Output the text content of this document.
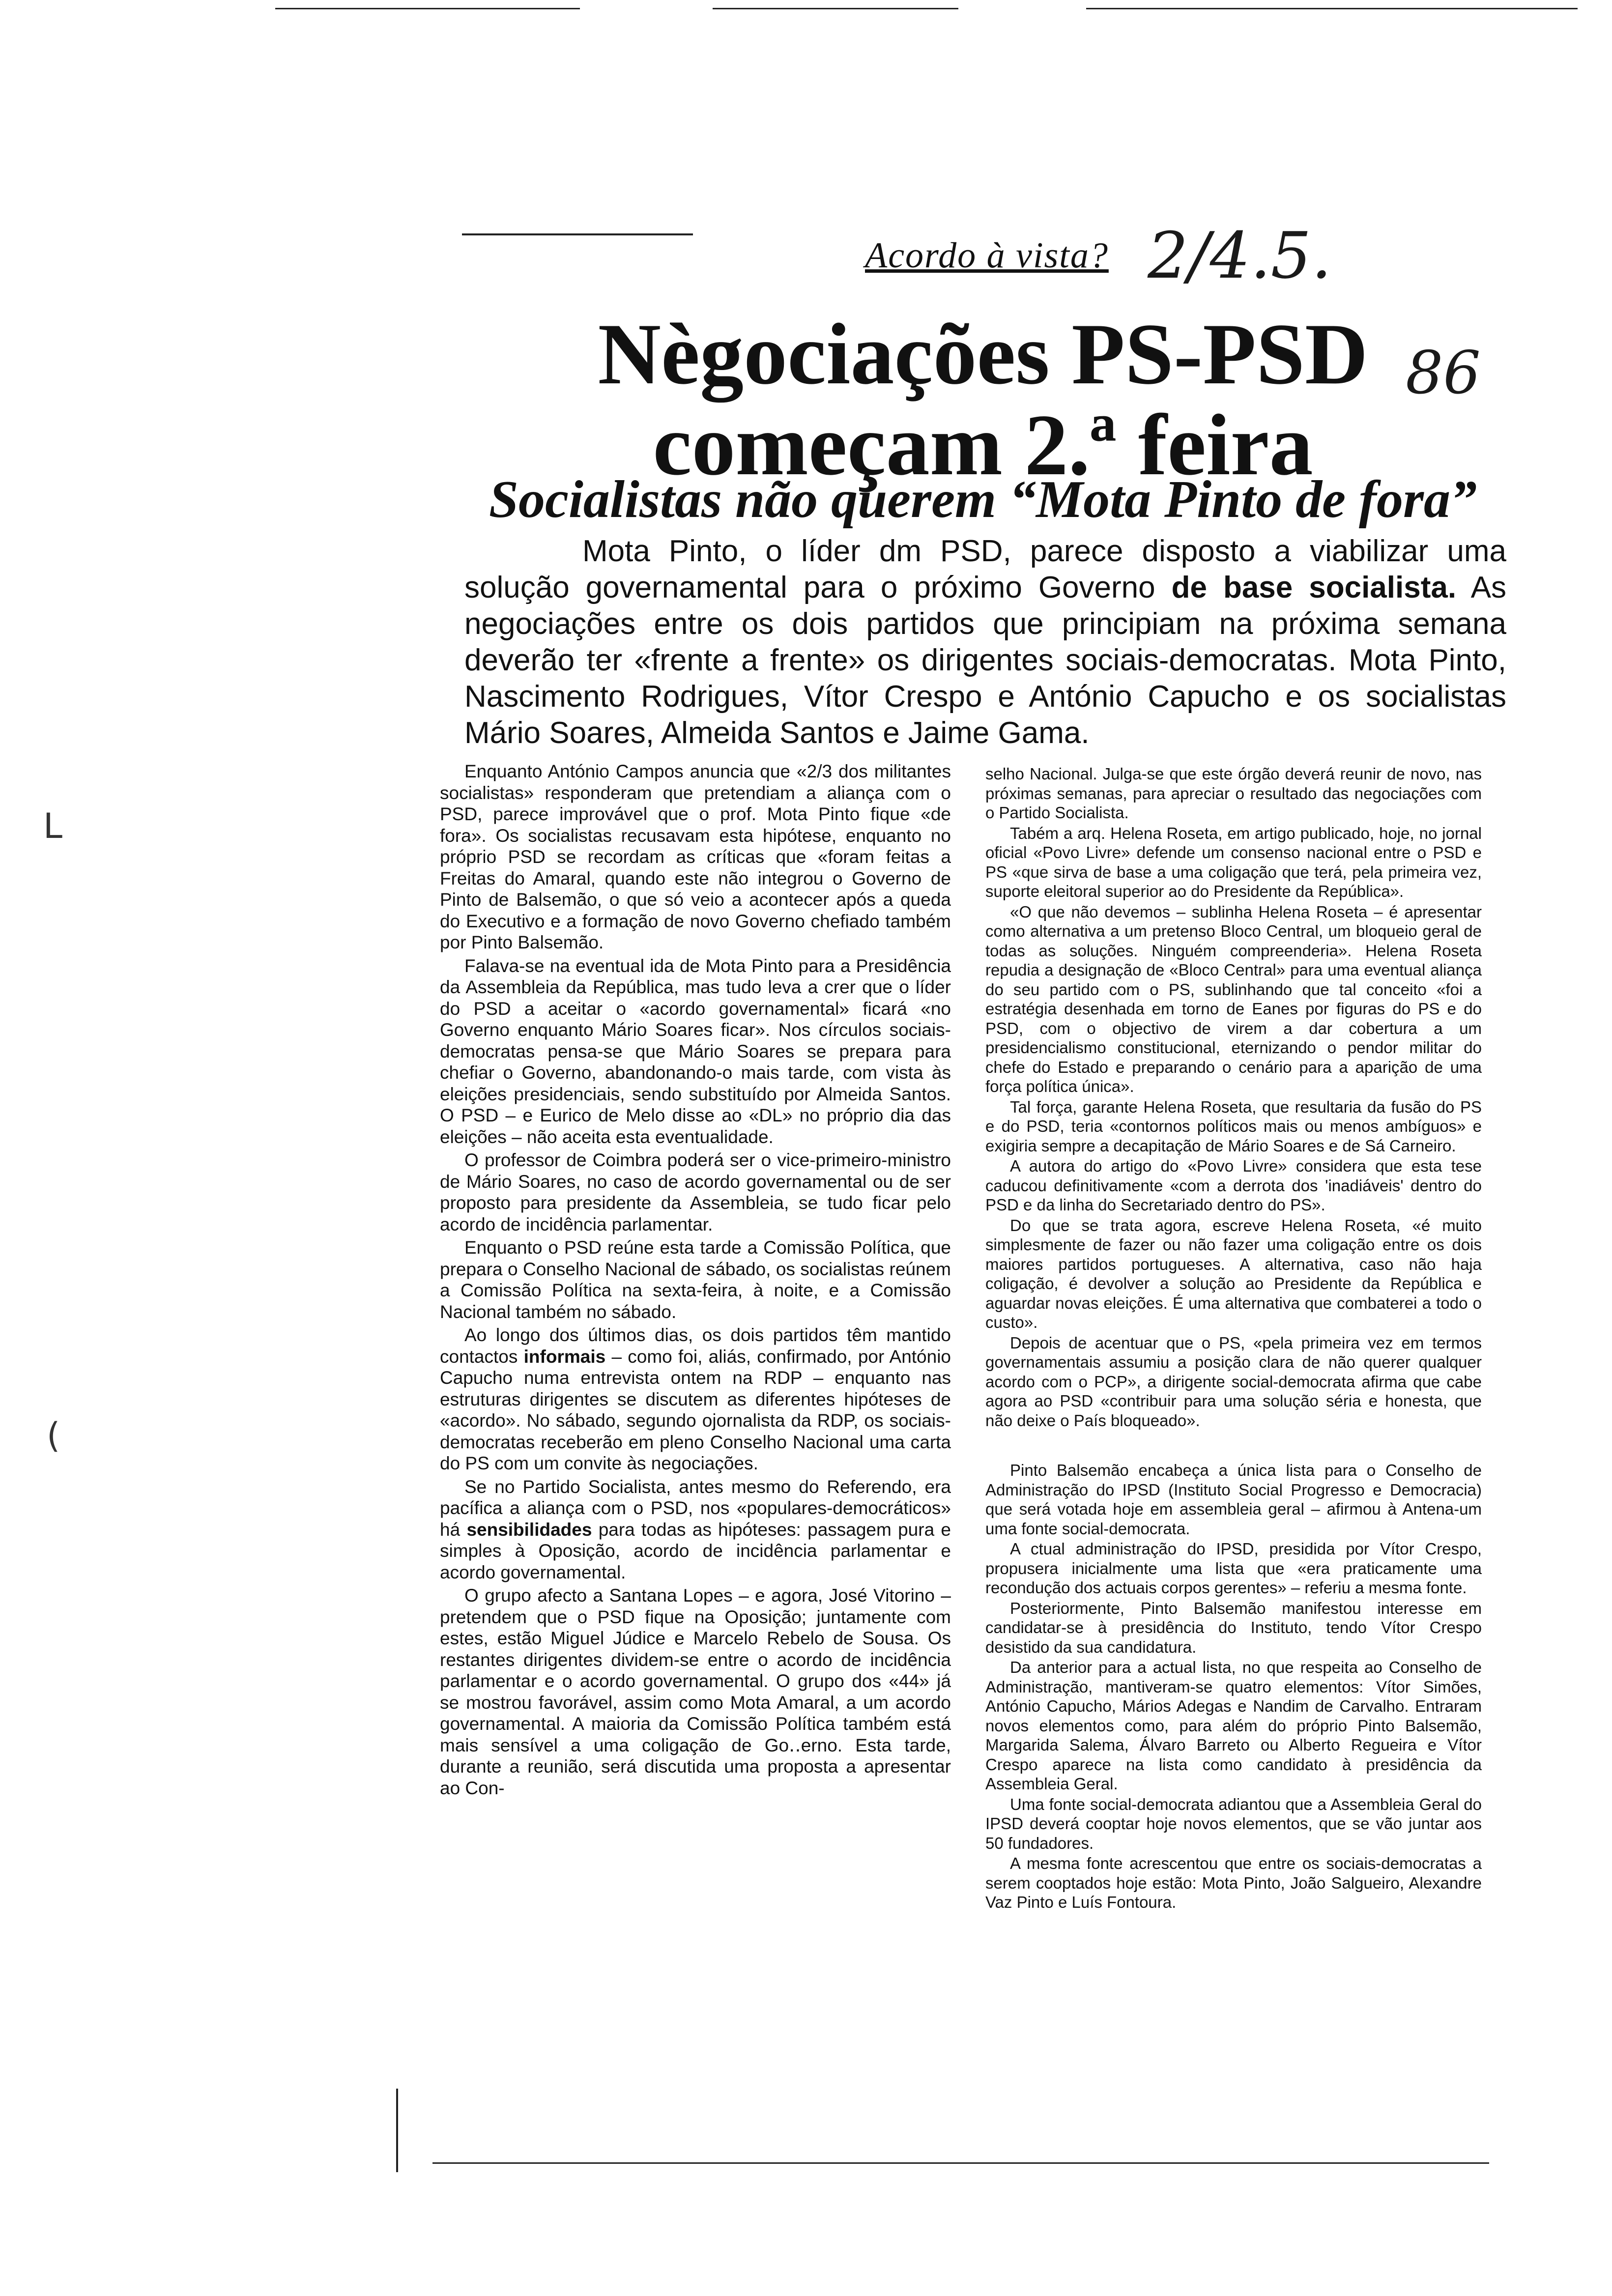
Acordo à vista? 2/4.5.
86
Nègociações PS-PSD
começam 2.ª feira
Socialistas não querem “Mota Pinto de fora”

Mota Pinto, o líder dm PSD, parece disposto a viabilizar uma solução governamental para o próximo Governo de base socialista. As negociações entre os dois partidos que principiam na próxima semana deverão ter «frente a frente» os dirigentes sociais-democratas. Mota Pinto, Nascimento Rodrigues, Vítor Crespo e António Capucho e os socialistas Mário Soares, Almeida Santos e Jaime Gama.

Enquanto António Campos anuncia que «2/3 dos militantes socialistas» responderam que pretendiam a aliança com o PSD, parece improvável que o prof. Mota Pinto fique «de fora». Os socialistas recusavam esta hipótese, enquanto no próprio PSD se recordam as críticas que «foram feitas a Freitas do Amaral, quando este não integrou o Governo de Pinto de Balsemão, o que só veio a acontecer após a queda do Executivo e a formação de novo Governo chefiado também por Pinto Balsemão.

Falava-se na eventual ida de Mota Pinto para a Presidência da Assembleia da República, mas tudo leva a crer que o líder do PSD a aceitar o «acordo governamental» ficará «no Governo enquanto Mário Soares ficar». Nos círculos sociais-democratas pensa-se que Mário Soares se prepara para chefiar o Governo, abandonando-o mais tarde, com vista às eleições presidenciais, sendo substituído por Almeida Santos. O PSD – e Eurico de Melo disse ao «DL» no próprio dia das eleições – não aceita esta eventualidade.

O professor de Coimbra poderá ser o vice-primeiro-ministro de Mário Soares, no caso de acordo governamental ou de ser proposto para presidente da Assembleia, se tudo ficar pelo acordo de incidência parlamentar.

Enquanto o PSD reúne esta tarde a Comissão Política, que prepara o Conselho Nacional de sábado, os socialistas reúnem a Comissão Política na sexta-feira, à noite, e a Comissão Nacional também no sábado.

Ao longo dos últimos dias, os dois partidos têm mantido contactos informais – como foi, aliás, confirmado, por António Capucho numa entrevista ontem na RDP – enquanto nas estruturas dirigentes se discutem as diferentes hipóteses de «acordo». No sábado, segundo ojornalista da RDP, os sociais-democratas receberão em pleno Conselho Nacional uma carta do PS com um convite às negociações.

Se no Partido Socialista, antes mesmo do Referendo, era pacífica a aliança com o PSD, nos «populares-democráticos» há sensibilidades para todas as hipóteses: passagem pura e simples à Oposição, acordo de incidência parlamentar e acordo governamental.

O grupo afecto a Santana Lopes – e agora, José Vitorino – pretendem que o PSD fique na Oposição; juntamente com estes, estão Miguel Júdice e Marcelo Rebelo de Sousa. Os restantes dirigentes dividem-se entre o acordo de incidência parlamentar e o acordo governamental. O grupo dos «44» já se mostrou favorável, assim como Mota Amaral, a um acordo governamental. A maioria da Comissão Política também está mais sensível a uma coligação de Go‥erno. Esta tarde, durante a reunião, será discutida uma proposta a apresentar ao Con-

selho Nacional. Julga-se que este órgão deverá reunir de novo, nas próximas semanas, para apreciar o resultado das negociações com o Partido Socialista.

Tabém a arq. Helena Roseta, em artigo publicado, hoje, no jornal oficial «Povo Livre» defende um consenso nacional entre o PSD e PS «que sirva de base a uma coligação que terá, pela primeira vez, suporte eleitoral superior ao do Presidente da República».

«O que não devemos – sublinha Helena Roseta – é apresentar como alternativa a um pretenso Bloco Central, um bloqueio geral de todas as soluções. Ninguém compreenderia». Helena Roseta repudia a designação de «Bloco Central» para uma eventual aliança do seu partido com o PS, sublinhando que tal conceito «foi a estratégia desenhada em torno de Eanes por figuras do PS e do PSD, com o objectivo de virem a dar cobertura a um presidencialismo constitucional, eternizando o pendor militar do chefe do Estado e preparando o cenário para a aparição de uma força política única».

Tal força, garante Helena Roseta, que resultaria da fusão do PS e do PSD, teria «contornos políticos mais ou menos ambíguos» e exigiria sempre a decapitação de Mário Soares e de Sá Carneiro.

A autora do artigo do «Povo Livre» considera que esta tese caducou definitivamente «com a derrota dos 'inadiáveis' dentro do PSD e da linha do Secretariado dentro do PS».

Do que se trata agora, escreve Helena Roseta, «é muito simplesmente de fazer ou não fazer uma coligação entre os dois maiores partidos portugueses. A alternativa, caso não haja coligação, é devolver a solução ao Presidente da República e aguardar novas eleições. É uma alternativa que combaterei a todo o custo».

Depois de acentuar que o PS, «pela primeira vez em termos governamentais assumiu a posição clara de não querer qualquer acordo com o PCP», a dirigente social-democrata afirma que cabe agora ao PSD «contribuir para uma solução séria e honesta, que não deixe o País bloqueado».

Pinto Balsemão encabeça a única lista para o Conselho de Administração do IPSD (Instituto Social Progresso e Democracia) que será votada hoje em assembleia geral – afirmou à Antena-um uma fonte social-democrata.

A ctual administração do IPSD, presidida por Vítor Crespo, propusera inicialmente uma lista que «era praticamente uma recondução dos actuais corpos gerentes» – referiu a mesma fonte.

Posteriormente, Pinto Balsemão manifestou interesse em candidatar-se à presidência do Instituto, tendo Vítor Crespo desistido da sua candidatura.

Da anterior para a actual lista, no que respeita ao Conselho de Administração, mantiveram-se quatro elementos: Vítor Simões, António Capucho, Mários Adegas e Nandim de Carvalho. Entraram novos elementos como, para além do próprio Pinto Balsemão, Margarida Salema, Álvaro Barreto ou Alberto Regueira e Vítor Crespo aparece na lista como candidato à presidência da Assembleia Geral.

Uma fonte social-democrata adiantou que a Assembleia Geral do IPSD deverá cooptar hoje novos elementos, que se vão juntar aos 50 fundadores.

A mesma fonte acrescentou que entre os sociais-democratas a serem cooptados hoje estão: Mota Pinto, João Salgueiro, Alexandre Vaz Pinto e Luís Fontoura.

L
(
